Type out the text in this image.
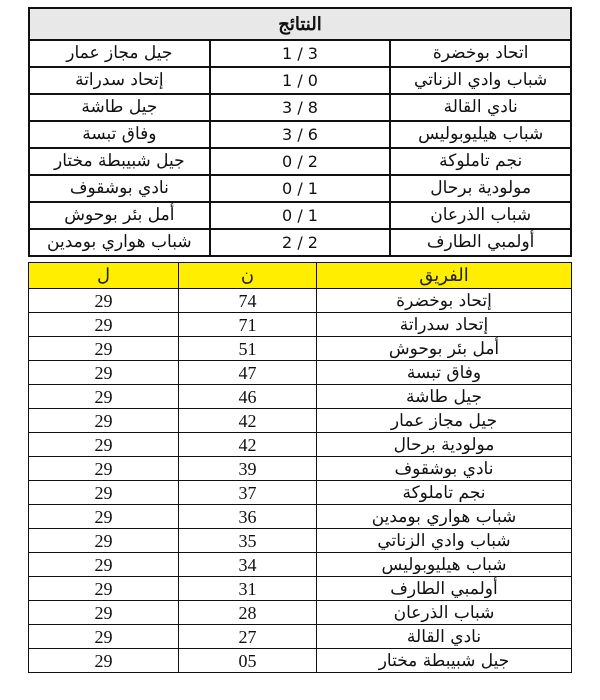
النتائج		
اتحاد بوخضرة	3 / 1	جيل مجاز عمار
شباب وادي الزناتي	0 / 1	إتحاد سدراتة
نادي القالة	8 / 3	جيل طاشة
شباب هيليوبوليس	6 / 3	وفاق تبسة
نجم تاملوكة	2 / 0	جيل شبيبطة مختار
مولودية برحال	1 / 0	نادي بوشقوف
شباب الذرعان	1 / 0	أمل بئر بوحوش
أولمبي الطارف	2 / 2	شباب هواري بومدين
الفريق	ن	ل
إتحاد بوخضرة	74	29
إتحاد سدراتة	71	29
أمل بئر بوحوش	51	29
وفاق تبسة	47	29
جيل طاشة	46	29
جيل مجاز عمار	42	29
مولودية برحال	42	29
نادي بوشقوف	39	29
نجم تاملوكة	37	29
شباب هواري بومدين	36	29
شباب وادي الزناتي	35	29
شباب هيليوبوليس	34	29
أولمبي الطارف	31	29
شباب الذرعان	28	29
نادي القالة	27	29
جيل شبيبطة مختار	05	29
